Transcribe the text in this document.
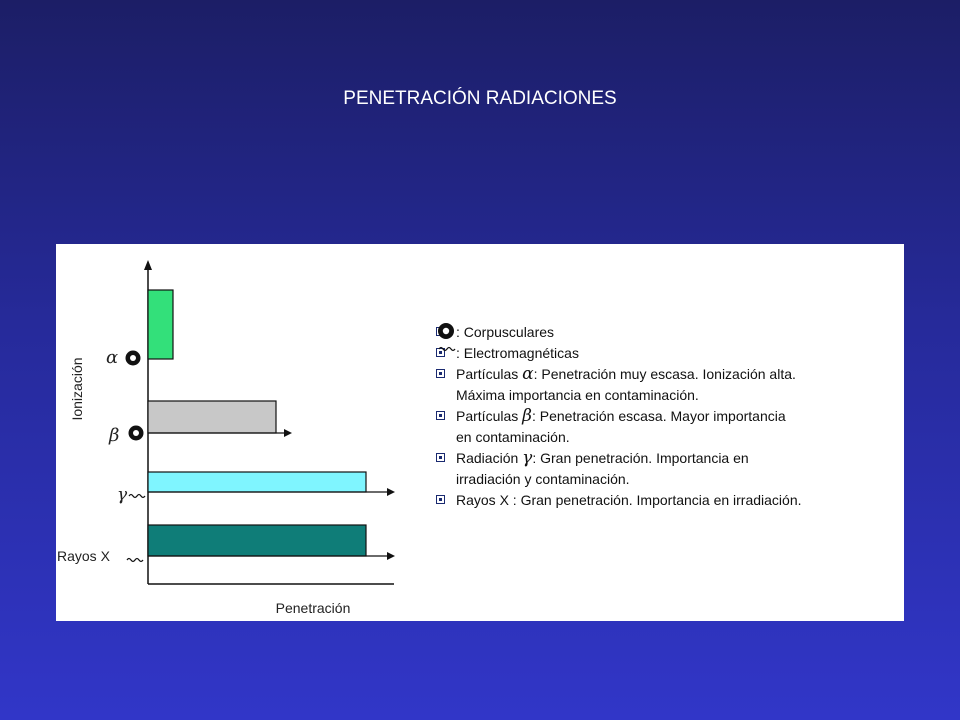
PENETRACIÓN RADIACIONES
Ionización
Penetración
α
β
γ
Rayos X
: Corpusculares
: Electromagnéticas
Partículas α: Penetración muy escasa. Ionización alta.
Máxima importancia en contaminación.
Partículas β: Penetración escasa. Mayor importancia
en contaminación.
Radiación γ: Gran penetración. Importancia en
irradiación y contaminación.
Rayos X : Gran penetración. Importancia en irradiación.
